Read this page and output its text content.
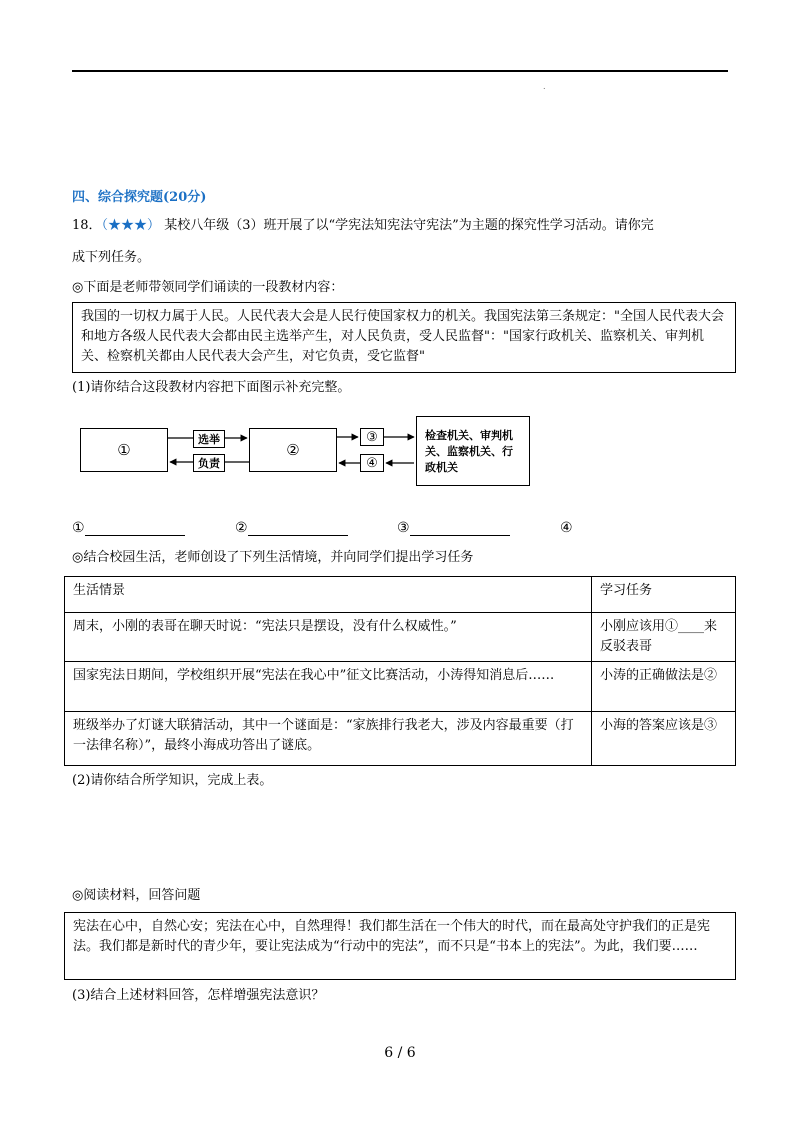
.
四、综合探究题(20分)
18．（★★★） 某校八年级（3）班开展了以“学宪法知宪法守宪法”为主题的探究性学习活动。请你完
成下列任务。
◎下面是老师带领同学们诵读的一段教材内容：
我国的一切权力属于人民。人民代表大会是人民行使国家权力的机关。我国宪法第三条规定："全国人民代表大会和地方各级人民代表大会都由民主选举产生，对人民负责，受人民监督"："国家行政机关、监察机关、审判机关、检察机关都由人民代表大会产生，对它负责，受它监督"
(1)请你结合这段教材内容把下面图示补充完整。
①	②
③
④
检查机关、审判机关、监察机关、行政机关
选举
负责
①	②	③	④
◎结合校园生活，老师创设了下列生活情境，并向同学们提出学习任务
生活情景	学习任务
周末，小刚的表哥在聊天时说：“宪法只是摆设，没有什么权威性。”	小刚应该用①____来反驳表哥
国家宪法日期间，学校组织开展“宪法在我心中”征文比赛活动，小涛得知消息后……	小涛的正确做法是②
班级举办了灯谜大联猜活动，其中一个谜面是：“家族排行我老大，涉及内容最重要（打一法律名称）”，最终小海成功答出了谜底。	小海的答案应该是③
(2)请你结合所学知识，完成上表。
◎阅读材料，回答问题
宪法在心中，自然心安；宪法在心中，自然理得！我们都生活在一个伟大的时代，而在最高处守护我们的正是宪法。我们都是新时代的青少年，要让宪法成为“行动中的宪法”，而不只是“书本上的宪法”。为此，我们要……
(3)结合上述材料回答，怎样增强宪法意识？
6 / 6
